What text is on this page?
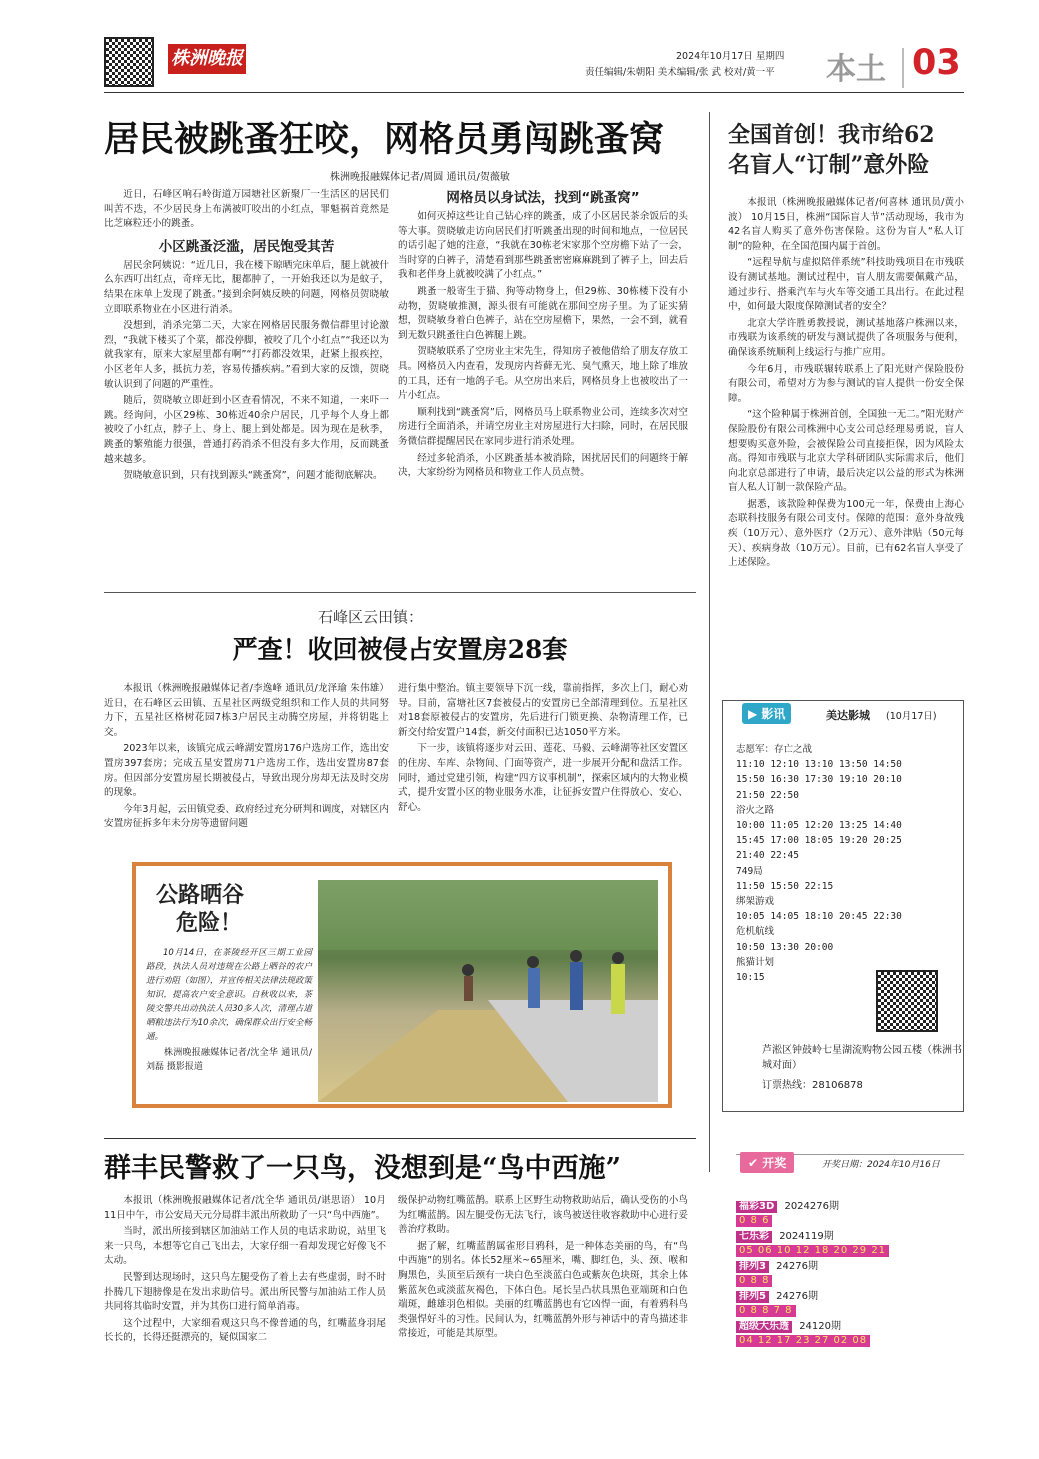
株洲晚报	2024年10月17日 星期四
责任编辑/朱朝阳 美术编辑/张 武 校对/黄一平 本土 03
居民被跳蚤狂咬，网格员勇闯跳蚤窝
株洲晚报融媒体记者/周圆 通讯员/贺薇敏

近日，石峰区响石岭街道万园塘社区新聚厂一生活区的居民们叫苦不迭，不少居民身上布满被叮咬出的小红点，罪魁祸首竟然是比芝麻粒还小的跳蚤。

小区跳蚤泛滥，居民饱受其苦

居民余阿姨说：“近几日，我在楼下晾晒完床单后，腿上就被什么东西叮出红点，奇痒无比，腿都肿了，一开始我还以为是蚊子，结果在床单上发现了跳蚤。”接到余阿姨反映的问题，网格员贺晓敏立即联系物业在小区进行消杀。

没想到，消杀完第二天，大家在网格居民服务微信群里讨论激烈，“我就下楼买了个菜，都没停脚，被咬了几个小红点”“我还以为就我家有，原来大家屋里都有啊”“打药都没效果，赶紧上报疾控，小区老年人多，抵抗力差，容易传播疾病。”看到大家的反馈，贺晓敏认识到了问题的严重性。

随后，贺晓敏立即赶到小区查看情况，不来不知道，一来吓一跳。经询问，小区29栋、30栋近40余户居民，几乎每个人身上都被咬了小红点，脖子上、身上、腿上到处都是。因为现在是秋季，跳蚤的繁殖能力很强，普通打药消杀不但没有多大作用，反而跳蚤越来越多。

贺晓敏意识到，只有找到源头“跳蚤窝”，问题才能彻底解决。

网格员以身试法，找到“跳蚤窝”

如何灭掉这些让自己钻心痒的跳蚤，成了小区居民茶余饭后的头等大事。贺晓敏走访向居民们打听跳蚤出现的时间和地点，一位居民的话引起了她的注意，“我就在30栋老宋家那个空房檐下站了一会，当时穿的白裤子，清楚看到那些跳蚤密密麻麻跳到了裤子上，回去后我和老伴身上就被咬满了小红点。”

跳蚤一般寄生于猫、狗等动物身上，但29栋、30栋楼下没有小动物，贺晓敏推测，源头很有可能就在那间空房子里。为了证实猜想，贺晓敏身着白色裤子，站在空房屋檐下，果然，一会不到，就看到无数只跳蚤往白色裤腿上跳。

贺晓敏联系了空房业主宋先生，得知房子被他借给了朋友存放工具。网格员入内查看，发现房内苔藓无光、臭气熏天，地上除了堆放的工具，还有一地鸽子毛。从空房出来后，网格员身上也被咬出了一片小红点。

顺利找到“跳蚤窝”后，网格员马上联系物业公司，连续多次对空房进行全面消杀，并请空房业主对房屋进行大扫除，同时，在居民服务微信群提醒居民在家同步进行消杀处理。

经过多轮消杀，小区跳蚤基本被消除，困扰居民们的问题终于解决，大家纷纷为网格员和物业工作人员点赞。

石峰区云田镇：
严查！收回被侵占安置房28套

本报讯（株洲晚报融媒体记者/李逸峰 通讯员/龙泽瑜 朱伟雄） 近日，在石峰区云田镇、五星社区两级党组织和工作人员的共同努力下，五星社区格树花园7栋3户居民主动腾空房屋，并将钥匙上交。

2023年以来，该镇完成云峰湖安置房176户选房工作，选出安置房397套房；完成五星安置房71户选房工作，选出安置房87套房。但因部分安置房屋长期被侵占，导致出现分房却无法及时交房的现象。

今年3月起，云田镇党委、政府经过充分研判和调度，对辖区内安置房征拆多年未分房等遗留问题

进行集中整治。镇主要领导下沉一线，靠前指挥，多次上门，耐心劝导。目前，富塘社区7套被侵占的安置房已全部清理到位。五星社区对18套原被侵占的安置房，先后进行门锁更换、杂物清理工作，已新交付给安置户14套，新交付面积已达1050平方米。

下一步，该镇将逐步对云田、莲花、马毅、云峰湖等社区安置区的住房、车库、杂物间、门面等资产，进一步展开分配和盘活工作。同时，通过党建引领，构建“四方议事机制”，探索区域内的大物业模式，提升安置小区的物业服务水准，让征拆安置户住得放心、安心、舒心。

公路晒谷
危险！

10月14日，在茶陵经开区三期工业园路段，执法人员对违规在公路上晒谷的农户进行劝阻（如图），并宣传相关法律法规政策知识，提高农户安全意识。自秋收以来，茶陵交警共出动执法人员30多人次，清理占道晒粮违法行为10余次，确保群众出行安全畅通。

株洲晚报融媒体记者/沈全华 通讯员/刘磊 摄影报道

群丰民警救了一只鸟，没想到是“鸟中西施”

本报讯（株洲晚报融媒体记者/沈全华 通讯员/谌思语） 10月11日中午，市公安局天元分局群丰派出所救助了一只“鸟中西施”。

当时，派出所接到辖区加油站工作人员的电话求助说，站里飞来一只鸟，本想等它自己飞出去，大家仔细一看却发现它好像飞不太动。

民警到达现场时，这只鸟左腿受伤了着上去有些虚弱，时不时扑腾几下翅膀像是在发出求助信号。派出所民警与加油站工作人员共同将其临时安置，并为其伤口进行简单消毒。

这个过程中，大家细看观这只鸟不像普通的鸟，红嘴蓝身羽尾长长的，长得还挺漂亮的，疑似国家二

级保护动物红嘴蓝鹊。联系上区野生动物救助站后，确认受伤的小鸟为红嘴蓝鹊。因左腿受伤无法飞行，该鸟被送往收容救助中心进行妥善治疗救助。

据了解，红嘴蓝鹊属雀形目鸦科，是一种体态美丽的鸟，有“鸟中西施”的别名。体长52厘米~65厘米，嘴、脚红色，头、颈、喉和胸黑色，头顶至后颈有一块白色至淡蓝白色或紫灰色块斑，其余上体紫蓝灰色或淡蓝灰褐色，下体白色。尾长呈凸状具黑色亚端斑和白色端斑，雌雄羽色相似。美丽的红嘴蓝鹊也有它凶悍一面，有着鸦科鸟类强悍好斗的习性。民间认为，红嘴蓝鹊外形与神话中的青鸟描述非常接近，可能是其原型。

全国首创！我市给62
名盲人“订制”意外险

本报讯（株洲晚报融媒体记者/何喜林 通讯员/黄小波） 10月15日，株洲“国际盲人节”活动现场，我市为42名盲人购买了意外伤害保险。这份为盲人“私人订制”的险种，在全国范围内属于首创。

“远程导航与虚拟陪伴系统”科技助残项目在市残联设有测试基地。测试过程中，盲人朋友需要佩戴产品，通过步行、搭乘汽车与火车等交通工具出行。在此过程中，如何最大限度保障测试者的安全？

北京大学许胜勇教授说，测试基地落户株洲以来，市残联为该系统的研发与测试提供了各项服务与便利，确保该系统顺利上线运行与推广应用。

今年6月，市残联辗转联系上了阳光财产保险股份有限公司，希望对方为参与测试的盲人提供一份安全保障。

“这个险种属于株洲首创，全国独一无二。”阳光财产保险股份有限公司株洲中心支公司总经理易勇说，盲人想要购买意外险，会被保险公司直接拒保，因为风险太高。得知市残联与北京大学科研团队实际需求后，他们向北京总部进行了申请，最后决定以公益的形式为株洲盲人私人订制一款保险产品。

据悉，该款险种保费为100元一年，保费由上海心态联科技服务有限公司支付。保障的范围：意外身故残疾（10万元）、意外医疗（2万元）、意外津贴（50元每天）、疾病身故（10万元）。目前，已有62名盲人享受了上述保险。

▶ 影讯	美达影城 (10月17日)

志愿军：存亡之战

11:10 12:10 13:10 13:50 14:50

15:50 16:30 17:30 19:10 20:10

21:50 22:50

浴火之路

10:00 11:05 12:20 13:25 14:40

15:45 17:00 18:05 19:20 20:25

21:40 22:45

749局

11:50 15:50 22:15

绑架游戏

10:05 14:05 18:10 20:45 22:30

危机航线

10:50 13:30 20:00

熊猫计划

10:15

芦淞区钟鼓岭七星湖流购物公园五楼（株洲书城对面）
订票热线：28106878
✔ 开奖	开奖日期：2024年10月16日
福彩3D 2024276期
0 8 6
七乐彩 2024119期
05 06 10 12 18 20 29 21
排列3 24276期
0 8 8
排列5 24276期
0 8 8 7 8
超级大乐透 24120期
04 12 17 23 27 02 08
